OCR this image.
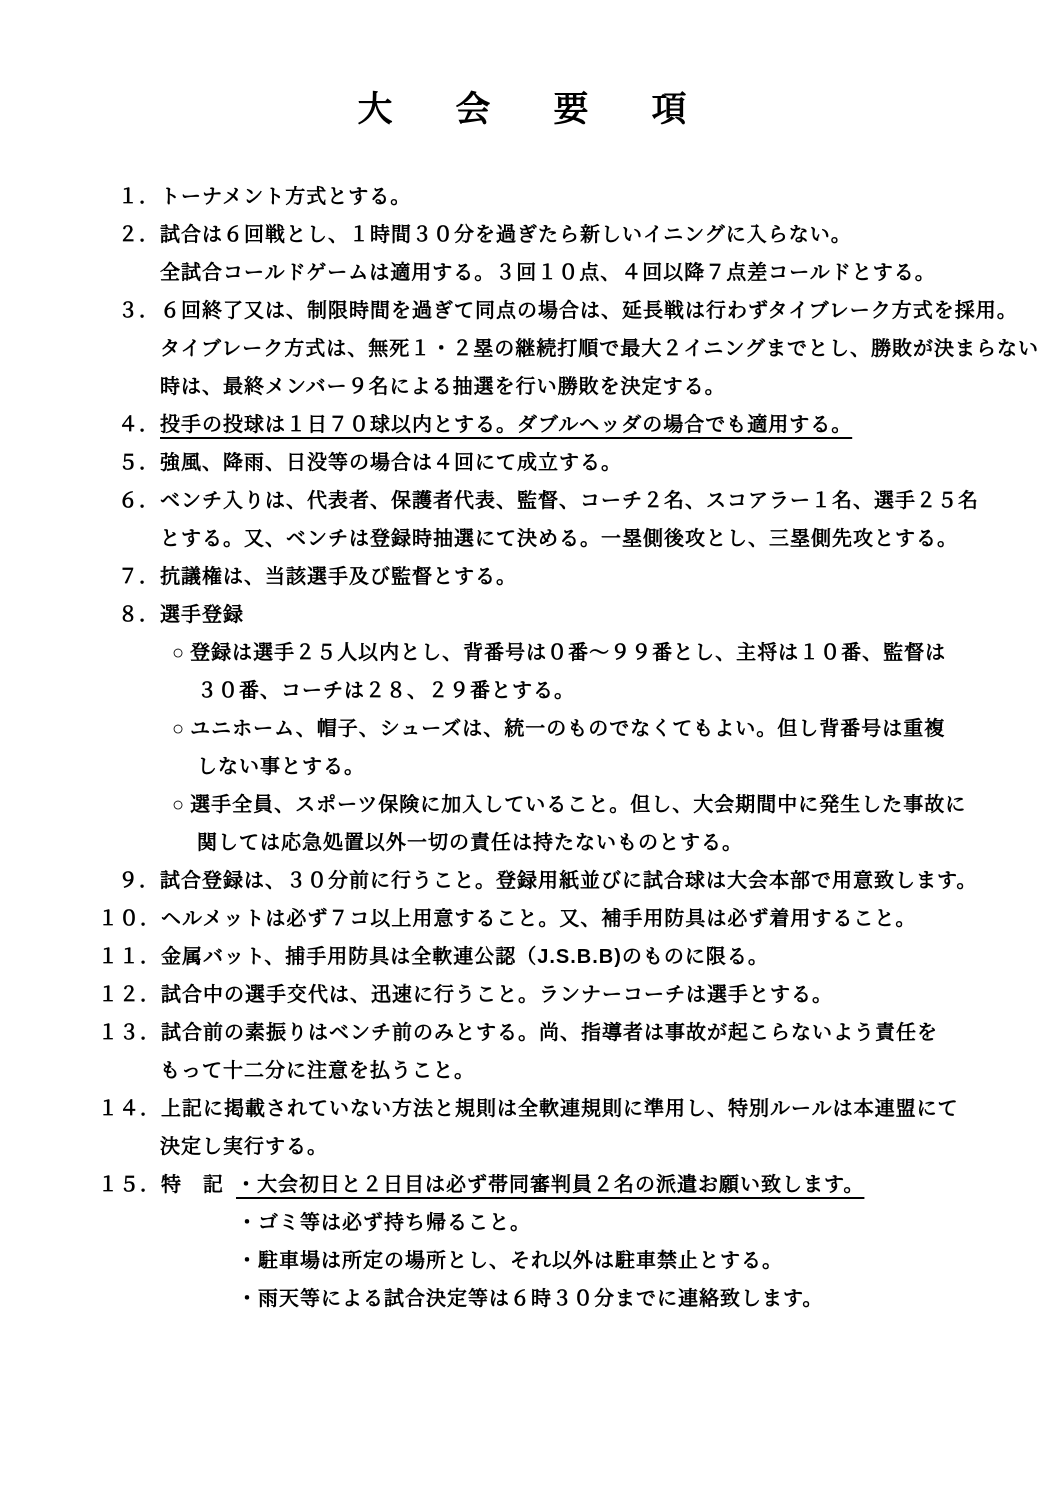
大　会　要　項
１．トーナメント方式とする。
２．試合は６回戦とし、１時間３０分を過ぎたら新しいイニングに入らない。
全試合コールドゲームは適用する。３回１０点、４回以降７点差コールドとする。
３．６回終了又は、制限時間を過ぎて同点の場合は、延長戦は行わずタイブレーク方式を採用。
タイブレーク方式は、無死１・２塁の継続打順で最大２イニングまでとし、勝敗が決まらない
時は、最終メンバー９名による抽選を行い勝敗を決定する。
４．投手の投球は１日７０球以内とする。ダブルヘッダの場合でも適用する。
５．強風、降雨、日没等の場合は４回にて成立する。
６．ベンチ入りは、代表者、保護者代表、監督、コーチ２名、スコアラー１名、選手２５名
とする。又、ベンチは登録時抽選にて決める。一塁側後攻とし、三塁側先攻とする。
７．抗議権は、当該選手及び監督とする。
８．選手登録
○ 登録は選手２５人以内とし、背番号は０番～９９番とし、主将は１０番、監督は
３０番、コーチは２８、２９番とする。
○ ユニホーム、帽子、シューズは、統一のものでなくてもよい。但し背番号は重複
しない事とする。
○ 選手全員、スポーツ保険に加入していること。但し、大会期間中に発生した事故に
関しては応急処置以外一切の責任は持たないものとする。
９．試合登録は、３０分前に行うこと。登録用紙並びに試合球は大会本部で用意致します。
１０．ヘルメットは必ず７コ以上用意すること。又、補手用防具は必ず着用すること。
１１．金属バット、捕手用防具は全軟連公認（J.S.B.B)のものに限る。
１２．試合中の選手交代は、迅速に行うこと。ランナーコーチは選手とする。
１３．試合前の素振りはベンチ前のみとする。尚、指導者は事故が起こらないよう責任を
もって十二分に注意を払うこと。
１４．上記に掲載されていない方法と規則は全軟連規則に準用し、特別ルールは本連盟にて
決定し実行する。
１５．特　記 ・大会初日と２日目は必ず帯同審判員２名の派遣お願い致します。
・ゴミ等は必ず持ち帰ること。
・駐車場は所定の場所とし、それ以外は駐車禁止とする。
・雨天等による試合決定等は６時３０分までに連絡致します。
